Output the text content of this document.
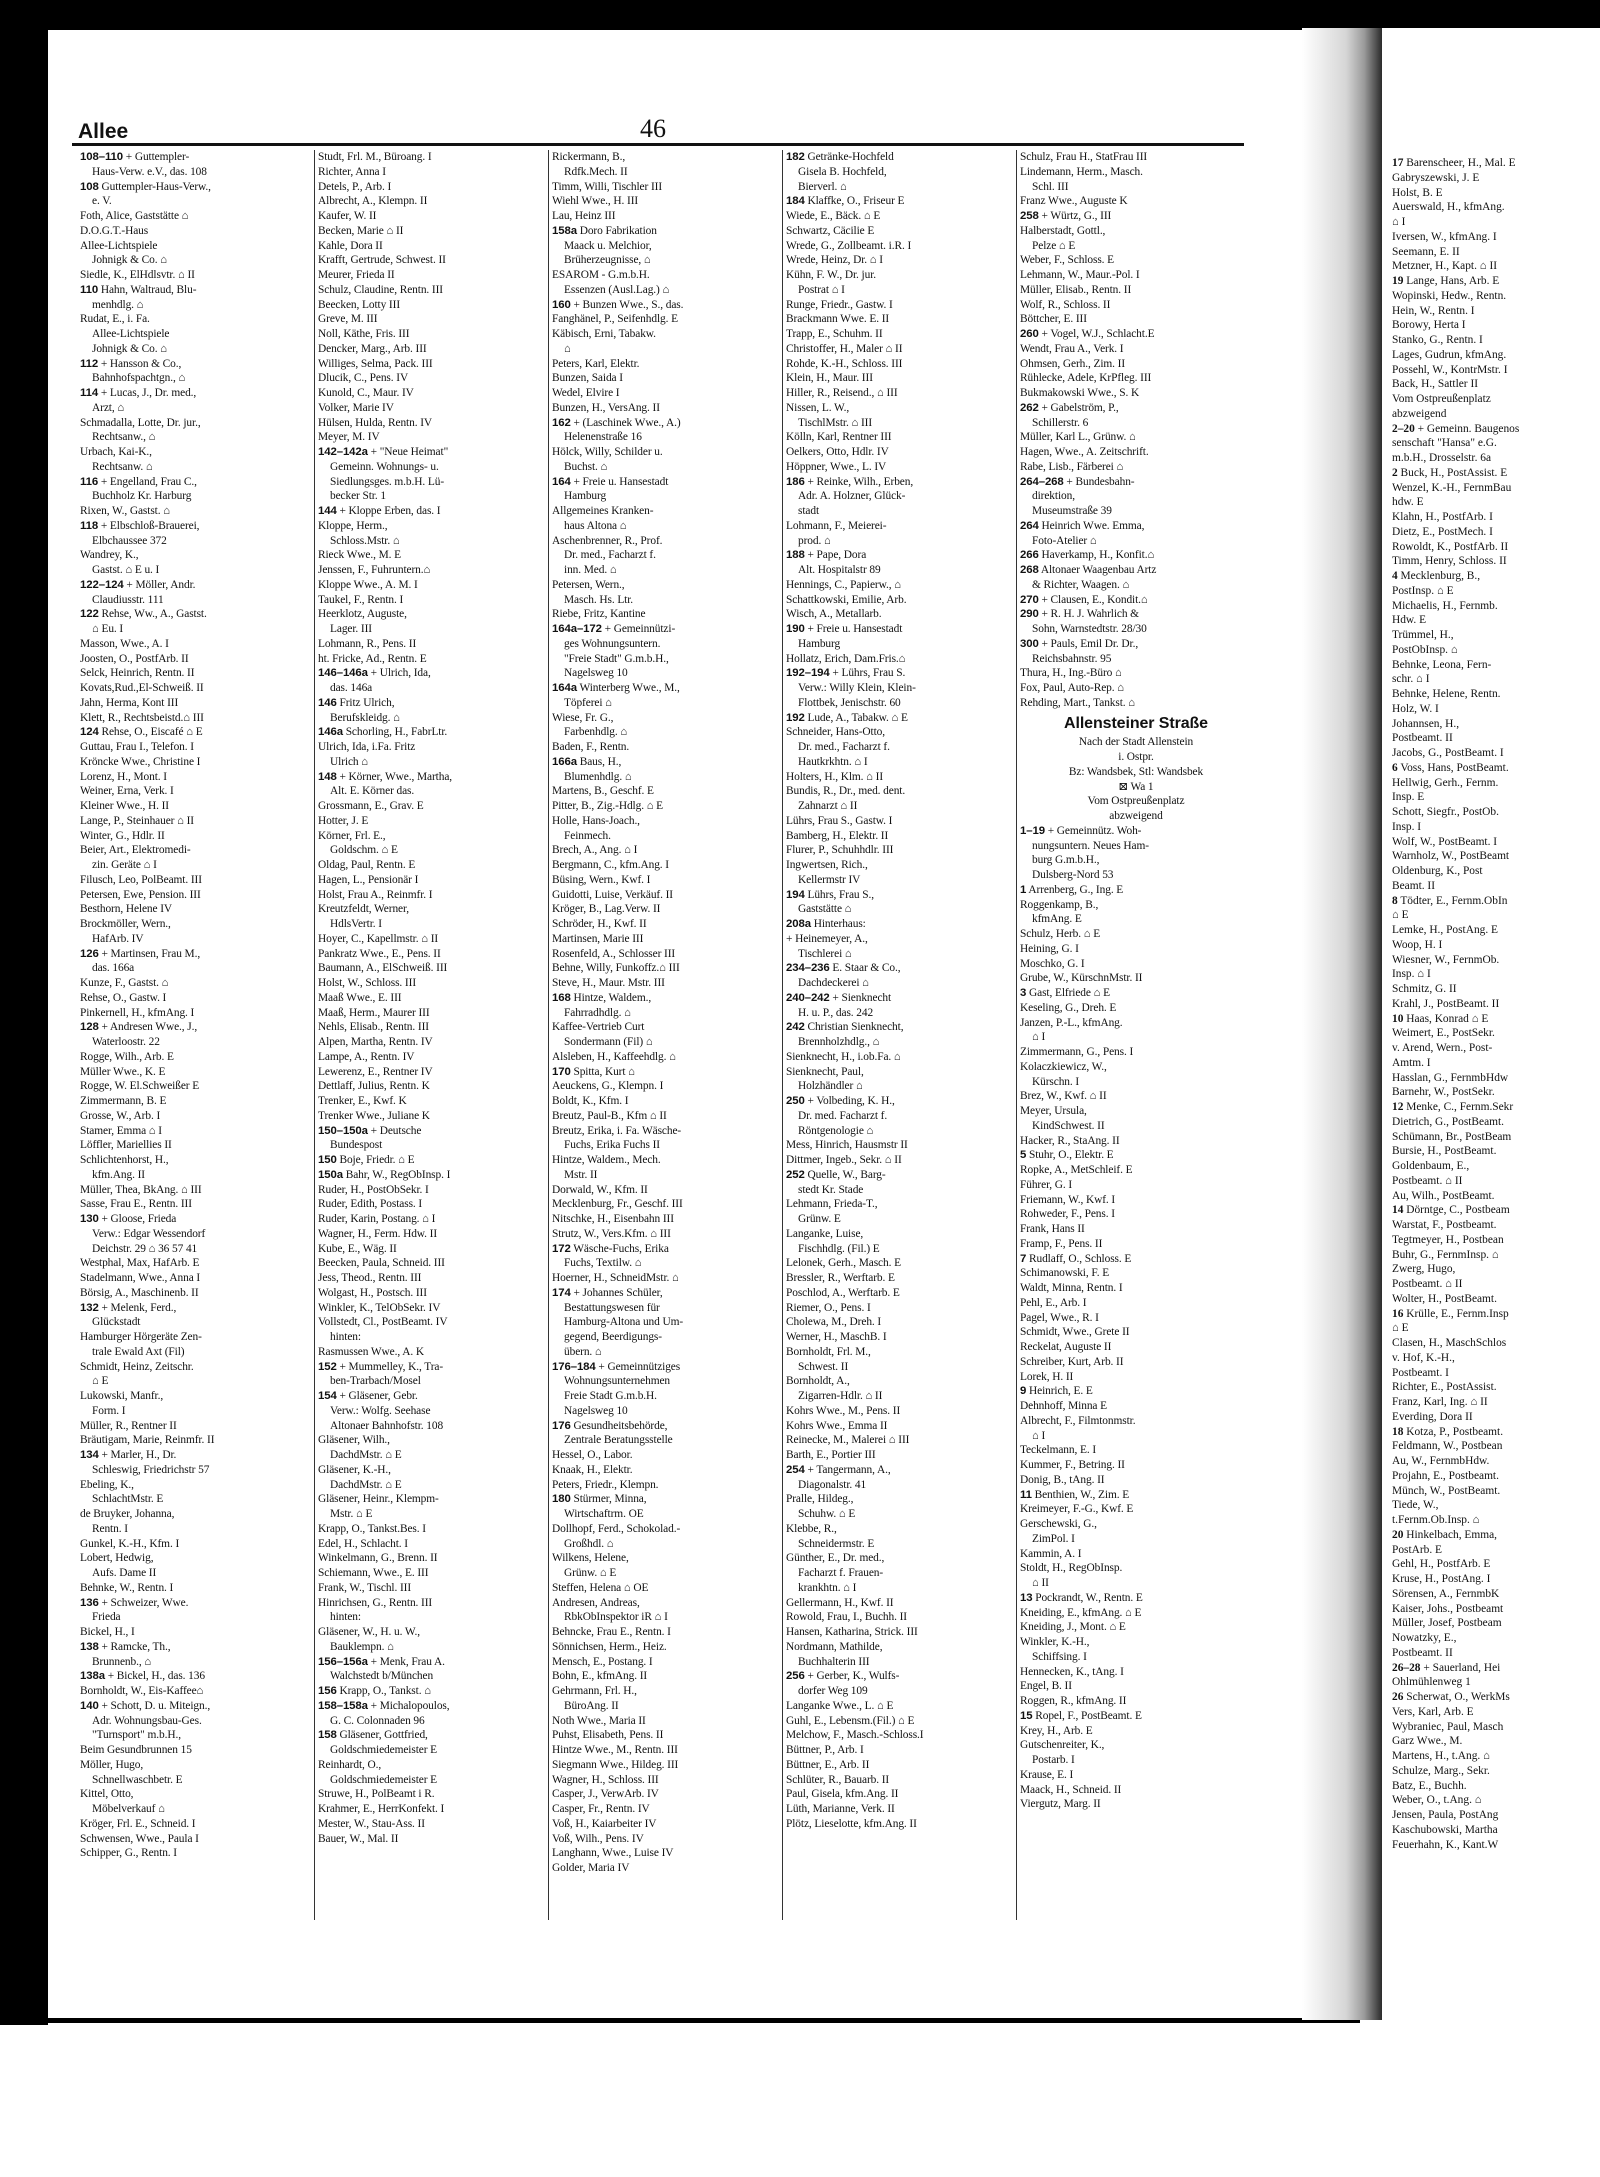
Allee	46
108–110 + Guttempler-
Haus-Verw. e.V., das. 108
108 Guttempler-Haus-Verw.,
e. V.
Foth, Alice, Gaststätte ⌂
D.O.G.T.-Haus
Allee-Lichtspiele
Johnigk & Co. ⌂
Siedle, K., ElHdlsvtr. ⌂ II
110 Hahn, Waltraud, Blu-
menhdlg. ⌂
Rudat, E., i. Fa.
Allee-Lichtspiele
Johnigk & Co. ⌂
112 + Hansson & Co.,
Bahnhofspachtgn., ⌂
114 + Lucas, J., Dr. med.,
Arzt, ⌂
Schmadalla, Lotte, Dr. jur.,
Rechtsanw., ⌂
Urbach, Kai-K.,
Rechtsanw. ⌂
116 + Engelland, Frau C.,
Buchholz Kr. Harburg
Rixen, W., Gastst. ⌂
118 + Elbschloß-Brauerei,
Elbchaussee 372
Wandrey, K.,
Gastst. ⌂ E u. I
122–124 + Möller, Andr.
Claudiusstr. 111
122 Rehse, Ww., A., Gastst.
⌂ Eu. I
Masson, Wwe., A. I
Joosten, O., PostfArb. II
Selck, Heinrich, Rentn. II
Kovats,Rud.,El-Schweiß. II
Jahn, Herma, Kont III
Klett, R., Rechtsbeistd.⌂ III
124 Rehse, O., Eiscafé ⌂ E
Guttau, Frau I., Telefon. I
Kröncke Wwe., Christine I
Lorenz, H., Mont. I
Weiner, Erna, Verk. I
Kleiner Wwe., H. II
Lange, P., Steinhauer ⌂ II
Winter, G., Hdlr. II
Beier, Art., Elektromedi-
zin. Geräte ⌂ I
Filusch, Leo, PolBeamt. III
Petersen, Ewe, Pension. III
Besthorn, Helene IV
Brockmöller, Wern.,
HafArb. IV
126 + Martinsen, Frau M.,
das. 166a
Kunze, F., Gastst. ⌂
Rehse, O., Gastw. I
Pinkernell, H., kfmAng. I
128 + Andresen Wwe., J.,
Waterloostr. 22
Rogge, Wilh., Arb. E
Müller Wwe., K. E
Rogge, W. El.Schweißer E
Zimmermann, B. E
Grosse, W., Arb. I
Stamer, Emma ⌂ I
Löffler, Mariellies II
Schlichtenhorst, H.,
kfm.Ang. II
Müller, Thea, BkAng. ⌂ III
Sasse, Frau E., Rentn. III
130 + Gloose, Frieda
Verw.: Edgar Wessendorf
Deichstr. 29 ⌂ 36 57 41
Westphal, Max, HafArb. E
Stadelmann, Wwe., Anna I
Börsig, A., Maschinenb. II
132 + Melenk, Ferd.,
Glückstadt
Hamburger Hörgeräte Zen-
trale Ewald Axt (Fil)
Schmidt, Heinz, Zeitschr.
⌂ E
Lukowski, Manfr.,
Form. I
Müller, R., Rentner II
Bräutigam, Marie, Reinmfr. II
134 + Marler, H., Dr.
Schleswig, Friedrichstr 57
Ebeling, K.,
SchlachtMstr. E
de Bruyker, Johanna,
Rentn. I
Gunkel, K.-H., Kfm. I
Lobert, Hedwig,
Aufs. Dame II
Behnke, W., Rentn. I
136 + Schweizer, Wwe.
Frieda
Bickel, H., I
138 + Ramcke, Th.,
Brunnenb., ⌂
138a + Bickel, H., das. 136
Bornholdt, W., Eis-Kaffee⌂
140 + Schott, D. u. Miteign.,
Adr. Wohnungsbau-Ges.
"Turnsport" m.b.H.,
Beim Gesundbrunnen 15
Möller, Hugo,
Schnellwaschbetr. E
Kittel, Otto,
Möbelverkauf ⌂
Kröger, Frl. E., Schneid. I
Schwensen, Wwe., Paula I
Schipper, G., Rentn. I
Studt, Frl. M., Büroang. I
Richter, Anna I
Detels, P., Arb. I
Albrecht, A., Klempn. II
Kaufer, W. II
Becken, Marie ⌂ II
Kahle, Dora II
Krafft, Gertrude, Schwest. II
Meurer, Frieda II
Schulz, Claudine, Rentn. III
Beecken, Lotty III
Greve, M. III
Noll, Käthe, Fris. III
Dencker, Marg., Arb. III
Williges, Selma, Pack. III
Dlucik, C., Pens. IV
Kunold, C., Maur. IV
Volker, Marie IV
Hülsen, Hulda, Rentn. IV
Meyer, M. IV
142–142a + "Neue Heimat"
Gemeinn. Wohnungs- u.
Siedlungsges. m.b.H. Lü-
becker Str. 1
144 + Kloppe Erben, das. I
Kloppe, Herm.,
Schloss.Mstr. ⌂
Rieck Wwe., M. E
Jenssen, F., Fuhruntern.⌂
Kloppe Wwe., A. M. I
Taukel, F., Rentn. I
Heerklotz, Auguste,
Lager. III
Lohmann, R., Pens. II
ht. Fricke, Ad., Rentn. E
146–146a + Ulrich, Ida,
das. 146a
146 Fritz Ulrich,
Berufskleidg. ⌂
146a Schorling, H., FabrLtr.
Ulrich, Ida, i.Fa. Fritz
Ulrich ⌂
148 + Körner, Wwe., Martha,
Alt. E. Körner das.
Grossmann, E., Grav. E
Hotter, J. E
Körner, Frl. E.,
Goldschm. ⌂ E
Oldag, Paul, Rentn. E
Hagen, L., Pensionär I
Holst, Frau A., Reinmfr. I
Kreutzfeldt, Werner,
HdlsVertr. I
Hoyer, C., Kapellmstr. ⌂ II
Pankratz Wwe., E., Pens. II
Baumann, A., ElSchweiß. III
Holst, W., Schloss. III
Maaß Wwe., E. III
Maaß, Herm., Maurer III
Nehls, Elisab., Rentn. III
Alpen, Martha, Rentn. IV
Lampe, A., Rentn. IV
Lewerenz, E., Rentner IV
Dettlaff, Julius, Rentn. K
Trenker, E., Kwf. K
Trenker Wwe., Juliane K
150–150a + Deutsche
Bundespost
150 Boje, Friedr. ⌂ E
150a Bahr, W., RegObInsp. I
Ruder, H., PostObSekr. I
Ruder, Edith, Postass. I
Ruder, Karin, Postang. ⌂ I
Wagner, H., Ferm. Hdw. II
Kube, E., Wäg. II
Beecken, Paula, Schneid. III
Jess, Theod., Rentn. III
Wolgast, H., Postsch. III
Winkler, K., TelObSekr. IV
Vollstedt, Cl., PostBeamt. IV
hinten:
Rasmussen Wwe., A. K
152 + Mummelley, K., Tra-
ben-Trarbach/Mosel
154 + Gläsener, Gebr.
Verw.: Wolfg. Seehase
Altonaer Bahnhofstr. 108
Gläsener, Wilh.,
DachdMstr. ⌂ E
Gläsener, K.-H.,
DachdMstr. ⌂ E
Gläsener, Heinr., Klempm-
Mstr. ⌂ E
Krapp, O., Tankst.Bes. I
Edel, H., Schlacht. I
Winkelmann, G., Brenn. II
Schiemann, Wwe., E. III
Frank, W., Tischl. III
Hinrichsen, G., Rentn. III
hinten:
Gläsener, W., H. u. W.,
Bauklempn. ⌂
156–156a + Menk, Frau A.
Walchstedt b/München
156 Krapp, O., Tankst. ⌂
158–158a + Michalopoulos,
G. C. Colonnaden 96
158 Gläsener, Gottfried,
Goldschmiedemeister E
Reinhardt, O.,
Goldschmiedemeister E
Struwe, H., PolBeamt i R.
Krahmer, E., HerrKonfekt. I
Mester, W., Stau-Ass. II
Bauer, W., Mal. II
Rickermann, B.,
Rdfk.Mech. II
Timm, Willi, Tischler III
Wiehl Wwe., H. III
Lau, Heinz III
158a Doro Fabrikation
Maack u. Melchior,
Brüherzeugnisse, ⌂
ESAROM - G.m.b.H.
Essenzen (Ausl.Lag.) ⌂
160 + Bunzen Wwe., S., das.
Fanghänel, P., Seifenhdlg. E
Käbisch, Erni, Tabakw.
⌂
Peters, Karl, Elektr.
Bunzen, Saida I
Wedel, Elvire I
Bunzen, H., VersAng. II
162 + (Laschinek Wwe., A.)
Helenenstraße 16
Hölck, Willy, Schilder u.
Buchst. ⌂
164 + Freie u. Hansestadt
Hamburg
Allgemeines Kranken-
haus Altona ⌂
Aschenbrenner, R., Prof.
Dr. med., Facharzt f.
inn. Med. ⌂
Petersen, Wern.,
Masch. Hs. Ltr.
Riebe, Fritz, Kantine
164a–172 + Gemeinnützi-
ges Wohnungsuntern.
"Freie Stadt" G.m.b.H.,
Nagelsweg 10
164a Winterberg Wwe., M.,
Töpferei ⌂
Wiese, Fr. G.,
Farbenhdlg. ⌂
Baden, F., Rentn.
166a Baus, H.,
Blumenhdlg. ⌂
Martens, B., Geschf. E
Pitter, B., Zig.-Hdlg. ⌂ E
Holle, Hans-Joach.,
Feinmech.
Brech, A., Ang. ⌂ I
Bergmann, C., kfm.Ang. I
Büsing, Wern., Kwf. I
Guidotti, Luise, Verkäuf. II
Kröger, B., Lag.Verw. II
Schröder, H., Kwf. II
Martinsen, Marie III
Rosenfeld, A., Schlosser III
Behne, Willy, Funkoffz.⌂ III
Steve, H., Maur. Mstr. III
168 Hintze, Waldem.,
Fahrradhdlg. ⌂
Kaffee-Vertrieb Curt
Sondermann (Fil) ⌂
Alsleben, H., Kaffeehdlg. ⌂
170 Spitta, Kurt ⌂
Aeuckens, G., Klempn. I
Boldt, K., Kfm. I
Breutz, Paul-B., Kfm ⌂ II
Breutz, Erika, i. Fa. Wäsche-
Fuchs, Erika Fuchs II
Hintze, Waldem., Mech.
Mstr. II
Dorwald, W., Kfm. II
Mecklenburg, Fr., Geschf. III
Nitschke, H., Eisenbahn III
Strutz, W., Vers.Kfm. ⌂ III
172 Wäsche-Fuchs, Erika
Fuchs, Textilw. ⌂
Hoerner, H., SchneidMstr. ⌂
174 + Johannes Schüler,
Bestattungswesen für
Hamburg-Altona und Um-
gegend, Beerdigungs-
übern. ⌂
176–184 + Gemeinnütziges
Wohnungsunternehmen
Freie Stadt G.m.b.H.
Nagelsweg 10
176 Gesundheitsbehörde,
Zentrale Beratungsstelle
Hessel, O., Labor.
Knaak, H., Elektr.
Peters, Friedr., Klempn.
180 Stürmer, Minna,
Wirtschaftrm. OE
Dollhopf, Ferd., Schokolad.-
Großhdl. ⌂
Wilkens, Helene,
Grünw. ⌂ E
Steffen, Helena ⌂ OE
Andresen, Andreas,
RbkObInspektor iR ⌂ I
Behncke, Frau E., Rentn. I
Sönnichsen, Herm., Heiz.
Mensch, E., Postang. I
Bohn, E., kfmAng. II
Gehrmann, Frl. H.,
BüroAng. II
Noth Wwe., Maria II
Puhst, Elisabeth, Pens. II
Hintze Wwe., M., Rentn. III
Siegmann Wwe., Hildeg. III
Wagner, H., Schloss. III
Casper, J., VerwArb. IV
Casper, Fr., Rentn. IV
Voß, H., Kaiarbeiter IV
Voß, Wilh., Pens. IV
Langhann, Wwe., Luise IV
Golder, Maria IV
182 Getränke-Hochfeld
Gisela B. Hochfeld,
Bierverl. ⌂
184 Klaffke, O., Friseur E
Wiede, E., Bäck. ⌂ E
Schwartz, Cäcilie E
Wrede, G., Zollbeamt. i.R. I
Wrede, Heinz, Dr. ⌂ I
Kühn, F. W., Dr. jur.
Postrat ⌂ I
Runge, Friedr., Gastw. I
Brackmann Wwe. E. II
Trapp, E., Schuhm. II
Christoffer, H., Maler ⌂ II
Rohde, K.-H., Schloss. III
Klein, H., Maur. III
Hiller, R., Reisend., ⌂ III
Nissen, L. W.,
TischlMstr. ⌂ III
Kölln, Karl, Rentner III
Oelkers, Otto, Hdlr. IV
Höppner, Wwe., L. IV
186 + Reinke, Wilh., Erben,
Adr. A. Holzner, Glück-
stadt
Lohmann, F., Meierei-
prod. ⌂
188 + Pape, Dora
Alt. Hospitalstr 89
Hennings, C., Papierw., ⌂
Schattkowski, Emilie, Arb.
Wisch, A., Metallarb.
190 + Freie u. Hansestadt
Hamburg
Hollatz, Erich, Dam.Fris.⌂
192–194 + Lührs, Frau S.
Verw.: Willy Klein, Klein-
Flottbek, Jenischstr. 60
192 Lude, A., Tabakw. ⌂ E
Schneider, Hans-Otto,
Dr. med., Facharzt f.
Hautkrkhtn. ⌂ I
Holters, H., Klm. ⌂ II
Bundis, R., Dr., med. dent.
Zahnarzt ⌂ II
Lührs, Frau S., Gastw. I
Bamberg, H., Elektr. II
Flurer, P., Schuhhdlr. III
Ingwertsen, Rich.,
Kellermstr IV
194 Lührs, Frau S.,
Gaststätte ⌂
208a Hinterhaus:
+ Heinemeyer, A.,
Tischlerei ⌂
234–236 E. Staar & Co.,
Dachdeckerei ⌂
240–242 + Sienknecht
H. u. P., das. 242
242 Christian Sienknecht,
Brennholzhdlg., ⌂
Sienknecht, H., i.ob.Fa. ⌂
Sienknecht, Paul,
Holzhändler ⌂
250 + Volbeding, K. H.,
Dr. med. Facharzt f.
Röntgenologie ⌂
Mess, Hinrich, Hausmstr II
Dittmer, Ingeb., Sekr. ⌂ II
252 Quelle, W., Barg-
stedt Kr. Stade
Lehmann, Frieda-T.,
Grünw. E
Langanke, Luise,
Fischhdlg. (Fil.) E
Lelonek, Gerh., Masch. E
Bressler, R., Werftarb. E
Poschlod, A., Werftarb. E
Riemer, O., Pens. I
Cholewa, M., Dreh. I
Werner, H., MaschB. I
Bornholdt, Frl. M.,
Schwest. II
Bornholdt, A.,
Zigarren-Hdlr. ⌂ II
Kohrs Wwe., M., Pens. II
Kohrs Wwe., Emma II
Reinecke, M., Malerei ⌂ III
Barth, E., Portier III
254 + Tangermann, A.,
Diagonalstr. 41
Pralle, Hildeg.,
Schuhw. ⌂ E
Klebbe, R.,
Schneidermstr. E
Günther, E., Dr. med.,
Facharzt f. Frauen-
krankhtn. ⌂ I
Gellermann, H., Kwf. II
Rowold, Frau, I., Buchh. II
Hansen, Katharina, Strick. III
Nordmann, Mathilde,
Buchhalterin III
256 + Gerber, K., Wulfs-
dorfer Weg 109
Langanke Wwe., L. ⌂ E
Guhl, E., Lebensm.(Fil.) ⌂ E
Melchow, F., Masch.-Schloss.I
Büttner, P., Arb. I
Büttner, E., Arb. II
Schlüter, R., Bauarb. II
Paul, Gisela, kfm.Ang. II
Lüth, Marianne, Verk. II
Plötz, Lieselotte, kfm.Ang. II
Schulz, Frau H., StatFrau III
Lindemann, Herm., Masch.
Schl. III
Franz Wwe., Auguste K
258 + Würtz, G., III
Halberstadt, Gottl.,
Pelze ⌂ E
Weber, F., Schloss. E
Lehmann, W., Maur.-Pol. I
Müller, Elisab., Rentn. II
Wolf, R., Schloss. II
Böttcher, E. III
260 + Vogel, W.J., Schlacht.E
Wendt, Frau A., Verk. I
Ohmsen, Gerh., Zim. II
Rühlecke, Adele, KrPfleg. III
Bukmakowski Wwe., S. K
262 + Gabelström, P.,
Schillerstr. 6
Müller, Karl L., Grünw. ⌂
Hagen, Wwe., A. Zeitschrift.
Rabe, Lisb., Färberei ⌂
264–268 + Bundesbahn-
direktion,
Museumstraße 39
264 Heinrich Wwe. Emma,
Foto-Atelier ⌂
266 Haverkamp, H., Konfit.⌂
268 Altonaer Waagenbau Artz
& Richter, Waagen. ⌂
270 + Clausen, E., Kondit.⌂
290 + R. H. J. Wahrlich &
Sohn, Warnstedtstr. 28/30
300 + Pauls, Emil Dr. Dr.,
Reichsbahnstr. 95
Thura, H., Ing.-Büro ⌂
Fox, Paul, Auto-Rep. ⌂
Rehding, Mart., Tankst. ⌂
Allensteiner Straße
Nach der Stadt Allenstein
i. Ostpr.
Bz: Wandsbek, Stl: Wandsbek
⊠ Wa 1
Vom Ostpreußenplatz
abzweigend
1–19 + Gemeinnütz. Woh-
nungsuntern. Neues Ham-
burg G.m.b.H.,
Dulsberg-Nord 53
1 Arrenberg, G., Ing. E
Roggenkamp, B.,
kfmAng. E
Schulz, Herb. ⌂ E
Heining, G. I
Moschko, G. I
Grube, W., KürschnMstr. II
3 Gast, Elfriede ⌂ E
Keseling, G., Dreh. E
Janzen, P.-L., kfmAng.
⌂ I
Zimmermann, G., Pens. I
Kolaczkiewicz, W.,
Kürschn. I
Brez, W., Kwf. ⌂ II
Meyer, Ursula,
KindSchwest. II
Hacker, R., StaAng. II
5 Stuhr, O., Elektr. E
Ropke, A., MetSchleif. E
Führer, G. I
Friemann, W., Kwf. I
Rohweder, F., Pens. I
Frank, Hans II
Framp, F., Pens. II
7 Rudlaff, O., Schloss. E
Schimanowski, F. E
Waldt, Minna, Rentn. I
Pehl, E., Arb. I
Pagel, Wwe., R. I
Schmidt, Wwe., Grete II
Reckelat, Auguste II
Schreiber, Kurt, Arb. II
Lorek, H. II
9 Heinrich, E. E
Dehnhoff, Minna E
Albrecht, F., Filmtonmstr.
⌂ I
Teckelmann, E. I
Kummer, F., Betring. II
Donig, B., tAng. II
11 Benthien, W., Zim. E
Kreimeyer, F.-G., Kwf. E
Gerschewski, G.,
ZimPol. I
Kammin, A. I
Stoldt, H., RegObInsp.
⌂ II
13 Pockrandt, W., Rentn. E
Kneiding, E., kfmAng. ⌂ E
Kneiding, J., Mont. ⌂ E
Winkler, K.-H.,
Schiffsing. I
Hennecken, K., tAng. I
Engel, B. II
Roggen, R., kfmAng. II
15 Ropel, F., PostBeamt. E
Krey, H., Arb. E
Gutschenreiter, K.,
Postarb. I
Krause, E. I
Maack, H., Schneid. II
Viergutz, Marg. II
17 Barenscheer, H., Mal. E
Gabryszewski, J. E
Holst, B. E
Auerswald, H., kfmAng.
⌂ I
Iversen, W., kfmAng. I
Seemann, E. II
Metzner, H., Kapt. ⌂ II
19 Lange, Hans, Arb. E
Wopinski, Hedw., Rentn.
Hein, W., Rentn. I
Borowy, Herta I
Stanko, G., Rentn. I
Lages, Gudrun, kfmAng.
Possehl, W., KontrMstr. I
Back, H., Sattler II
Vom Ostpreußenplatz
abzweigend
2–20 + Gemeinn. Baugenos
senschaft "Hansa" e.G.
m.b.H., Drosselstr. 6a
2 Buck, H., PostAssist. E
Wenzel, K.-H., FernmBau
hdw. E
Klahn, H., PostfArb. I
Dietz, E., PostMech. I
Rowoldt, K., PostfArb. II
Timm, Henry, Schloss. II
4 Mecklenburg, B.,
PostInsp. ⌂ E
Michaelis, H., Fernmb.
Hdw. E
Trümmel, H.,
PostObInsp. ⌂
Behnke, Leona, Fern-
schr. ⌂ I
Behnke, Helene, Rentn.
Holz, W. I
Johannsen, H.,
Postbeamt. II
Jacobs, G., PostBeamt. I
6 Voss, Hans, PostBeamt.
Hellwig, Gerh., Fernm.
Insp. E
Schott, Siegfr., PostOb.
Insp. I
Wolf, W., PostBeamt. I
Warnholz, W., PostBeamt
Oldenburg, K., Post
Beamt. II
8 Tödter, E., Fernm.ObIn
⌂ E
Lemke, H., PostAng. E
Woop, H. I
Wiesner, W., FernmOb.
Insp. ⌂ I
Schmitz, G. II
Krahl, J., PostBeamt. II
10 Haas, Konrad ⌂ E
Weimert, E., PostSekr.
v. Arend, Wern., Post-
Amtm. I
Hasslan, G., FernmbHdw
Barnehr, W., PostSekr.
12 Menke, C., Fernm.Sekr
Dietrich, G., PostBeamt.
Schümann, Br., PostBeam
Bursie, H., PostBeamt.
Goldenbaum, E.,
Postbeamt. ⌂ II
Au, Wilh., PostBeamt.
14 Dörntge, C., Postbeam
Warstat, F., Postbeamt.
Tegtmeyer, H., Postbean
Buhr, G., FernmInsp. ⌂
Zwerg, Hugo,
Postbeamt. ⌂ II
Wolter, H., PostBeamt.
16 Krülle, E., Fernm.Insp
⌂ E
Clasen, H., MaschSchlos
v. Hof, K.-H.,
Postbeamt. I
Richter, E., PostAssist.
Franz, Karl, Ing. ⌂ II
Everding, Dora II
18 Kotza, P., Postbeamt.
Feldmann, W., Postbean
Au, W., FernmbHdw.
Projahn, E., Postbeamt.
Münch, W., PostBeamt.
Tiede, W.,
t.Fernm.Ob.Insp. ⌂
20 Hinkelbach, Emma,
PostArb. E
Gehl, H., PostfArb. E
Kruse, H., PostAng. I
Sörensen, A., FernmbK
Kaiser, Johs., Postbeamt
Müller, Josef, Postbeam
Nowatzky, E.,
Postbeamt. II
26–28 + Sauerland, Hei
Ohlmühlenweg 1
26 Scherwat, O., WerkMs
Vers, Karl, Arb. E
Wybraniec, Paul, Masch
Garz Wwe., M.
Martens, H., t.Ang. ⌂
Schulze, Marg., Sekr.
Batz, E., Buchh.
Weber, O., t.Ang. ⌂
Jensen, Paula, PostAng
Kaschubowski, Martha
Feuerhahn, K., Kant.W
